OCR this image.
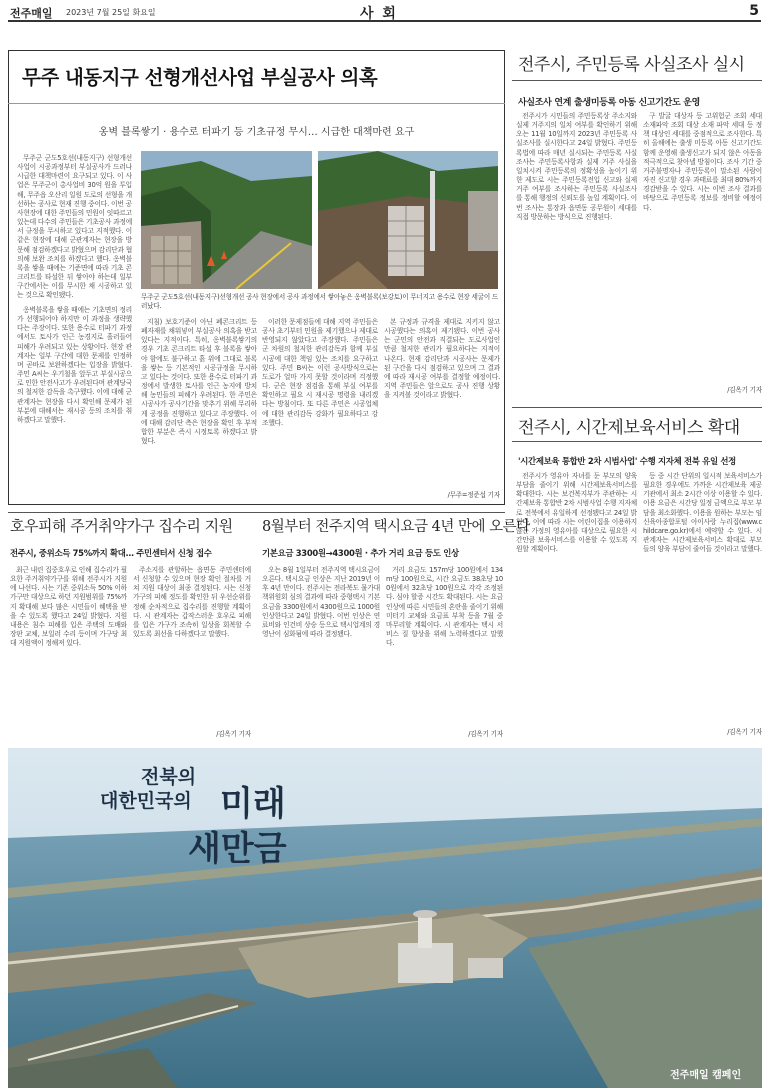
전주매일 2023년 7월 25일 화요일	사 회	5
무주 내동지구 선형개선사업 부실공사 의혹
옹벽 블록쌓기 · 용수로 터파기 등 기초규정 무시… 시급한 대책마련 요구

무주군 군도5호선(내동지구) 선형개선사업이 시공과정부터 부실공사가 드러나 시급한 대책마련이 요구되고 있다. 이 사업은 무주군이 총사업비 30억 원을 투입해, 무주읍 오산리 일원 도로의 선형을 개선하는 공사로 현재 진행 중이다. 이번 공사현장에 대한 주민들의 민원이 잇따르고 있는데 다수의 주민들은 기초공사 과정에서 규정을 무시하고 있다고 지적했다. 이 같은 현장에 대해 군관계자는 현장을 방문해 점검하겠다고 밝혔으며 감리단과 협의해 보완 조치를 하겠다고 했다. 옹벽블록을 쌓을 때에는 기준면에 따라 기초 콘크리트를 타설한 뒤 쌓아야 하는데 일부 구간에서는 이를 무시한 채 시공하고 있는 것으로 확인됐다.

옹벽블록을 쌓을 때에는 기초면의 정리가 선행되어야 하지만 이 과정을 생략했다는 주장이다. 또한 용수로 터파기 과정에서도 토사가 인근 농경지로 흘러들어 피해가 우려되고 있는 상황이다. 현장 관계자는 일부 구간에 대한 문제를 인정하며 곧바로 보완하겠다는 입장을 밝혔다. 주민 A씨는 우기철을 앞두고 부실시공으로 인한 안전사고가 우려된다며 관계당국의 철저한 감독을 촉구했다. 이에 대해 군 관계자는 현장을 다시 확인해 문제가 된 부분에 대해서는 재시공 등의 조치를 취하겠다고 말했다.

무주군 군도5호선(내동지구)선형개선 공사 현장에서 공사 과정에서 쌓아놓은 옹벽블록(보강토)이 무너지고 용수로 현장 세굴이 드러났다.

지침) 보호기준이 아닌 폐콘크리트 등 폐자재를 채워넣어 부실공사 의혹을 받고 있다는 지적이다. 특히, 옹벽블록쌓기의 경우 기초 콘크리트 타설 후 블록을 쌓아야 함에도 불구하고 흙 위에 그대로 블록을 쌓는 등 기본적인 시공규정을 무시하고 있다는 것이다. 또한 용수로 터파기 과정에서 발생한 토사를 인근 농지에 방치해 농민들의 피해가 우려된다. 한 주민은 시공사가 공사기간을 맞추기 위해 무리하게 공정을 진행하고 있다고 주장했다. 이에 대해 감리단 측은 현장을 확인 후 부적합한 부분은 즉시 시정토록 하겠다고 밝혔다.

이러한 문제점들에 대해 지역 주민들은 공사 초기부터 민원을 제기했으나 제대로 반영되지 않았다고 주장했다. 주민들은 군 차원의 철저한 관리감독과 함께 부실시공에 대한 책임 있는 조치를 요구하고 있다. 주민 B씨는 이런 공사방식으로는 도로가 얼마 가지 못할 것이라며 걱정했다. 군은 현장 점검을 통해 부실 여부를 확인하고 필요 시 재시공 명령을 내리겠다는 방침이다. 또 다른 주민은 시공업체에 대한 관리감독 강화가 필요하다고 강조했다.

본 규정과 규격을 제대로 지키지 않고 시공했다는 의혹이 제기됐다. 이번 공사는 군민의 안전과 직결되는 도로사업인 만큼 철저한 관리가 필요하다는 지적이 나온다. 현재 감리단과 시공사는 문제가 된 구간을 다시 점검하고 있으며 그 결과에 따라 재시공 여부를 결정할 예정이다. 지역 주민들은 앞으로도 공사 진행 상황을 지켜볼 것이라고 밝혔다.

/무주=정준섭 기자
전주시, 주민등록 사실조사 실시
사실조사 연계 출생미등록 아동 신고기간도 운영

전주시가 시민들의 주민등록상 주소지와 실제 거주지의 일치 여부를 확인하기 위해 오는 11월 10일까지 2023년 주민등록 사실조사를 실시한다고 24일 밝혔다. 주민등록법에 따라 매년 실시되는 주민등록 사실조사는 주민등록사항과 실제 거주 사실을 일치시켜 주민등록의 정확성을 높이기 위한 제도로 시는 주민등록전입 신고와 실제 거주 여부를 조사하는 주민등록 사실조사를 통해 행정의 신뢰도를 높일 계획이다. 이번 조사는 통장과 읍면동 공무원이 세대를 직접 방문하는 방식으로 진행된다.

구 발굴 대상자 등 고위험군 조회 세대 소재파악 조회 대상 소재 파악 세대 등 정책 대상인 세대를 중점적으로 조사한다. 특히 올해에는 출생 미등록 아동 신고기간도 함께 운영해 출생신고가 되지 않은 아동을 적극적으로 찾아낼 방침이다. 조사 기간 중 거주불명자나 주민등록이 말소된 사람이 자진 신고할 경우 과태료를 최대 80%까지 경감받을 수 있다. 시는 이번 조사 결과를 바탕으로 주민등록 정보를 정비할 예정이다.

/김옥기 기자
전주시, 시간제보육서비스 확대
'시간제보육 통합반 2차 시범사업' 수행 지자체 전북 유일 선정

전주시가 영유아 자녀를 둔 부모의 양육 부담을 줄이기 위해 시간제보육서비스를 확대한다. 시는 보건복지부가 주관하는 시간제보육 통합반 2차 시범사업 수행 지자체로 전북에서 유일하게 선정됐다고 24일 밝혔다. 이에 따라 시는 어린이집을 이용하지 않는 가정의 영유아를 대상으로 필요한 시간만큼 보육서비스를 이용할 수 있도록 지원할 계획이다.

등 중 시간 단위의 일시적 보육서비스가 필요한 경우에도 가까운 시간제보육 제공기관에서 최소 2시간 이상 이용할 수 있다. 이용 요금은 시간당 일정 금액으로 부모 부담을 최소화했다. 이용을 원하는 부모는 임신육아종합포털 아이사랑 누리집(www.childcare.go.kr)에서 예약할 수 있다. 시 관계자는 시간제보육서비스 확대로 부모들의 양육 부담이 줄어들 것이라고 말했다.

/김옥기 기자
호우피해 주거취약가구 집수리 지원
전주시, 중위소득 75%까지 확대… 주민센터서 신청 접수

최근 내린 집중호우로 인해 집수리가 필요한 주거취약가구를 위해 전주시가 지원에 나선다. 시는 기존 중위소득 50% 이하 가구만 대상으로 하던 지원범위를 75%까지 확대해 보다 많은 시민들이 혜택을 받을 수 있도록 했다고 24일 밝혔다. 지원 내용은 침수 피해를 입은 주택의 도배와 장판 교체, 보일러 수리 등이며 가구당 최대 지원액이 정해져 있다.

주소지를 관할하는 읍면동 주민센터에서 신청할 수 있으며 현장 확인 절차를 거쳐 지원 대상이 최종 결정된다. 시는 신청 가구의 피해 정도를 확인한 뒤 우선순위를 정해 순차적으로 집수리를 진행할 계획이다. 시 관계자는 갑작스러운 호우로 피해를 입은 가구가 조속히 일상을 회복할 수 있도록 최선을 다하겠다고 말했다.

/김옥기 기자
8월부터 전주지역 택시요금 4년 만에 오른다
기본요금 3300원→4300원 · 추가 거리 요금 등도 인상

오는 8월 1일부터 전주지역 택시요금이 오른다. 택시요금 인상은 지난 2019년 이후 4년 만이다. 전주시는 전라북도 물가대책위원회 심의 결과에 따라 중형택시 기본요금을 3300원에서 4300원으로 1000원 인상한다고 24일 밝혔다. 이번 인상은 연료비와 인건비 상승 등으로 택시업계의 경영난이 심화됨에 따라 결정됐다.

거리 요금도 157m당 100원에서 134m당 100원으로, 시간 요금도 38초당 100원에서 32초당 100원으로 각각 조정된다. 심야 할증 시간도 확대된다. 시는 요금 인상에 따른 시민들의 혼란을 줄이기 위해 미터기 교체와 요금표 부착 등을 7월 중 마무리할 계획이다. 시 관계자는 택시 서비스 질 향상을 위해 노력하겠다고 말했다.

/김옥기 기자
전북의
대한민국의 미래
새만금
전주매일 캠페인
